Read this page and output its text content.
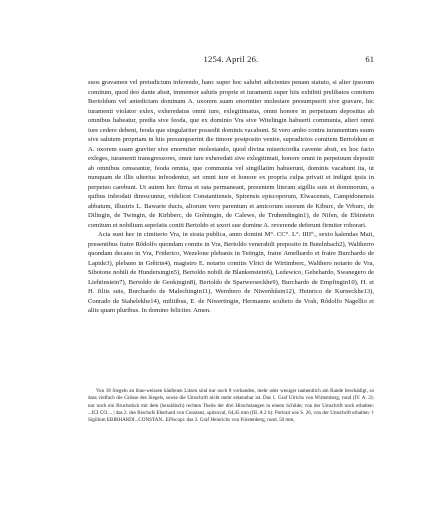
1254. April 26.	61

suos gravamen vel preiudicium inferendo, hanc super hoc salubri adicientes penam statuto, si alter ipsorum comitum, quod deo dante absit, immemor salutis proprie et iuramenti super hiis exhibiti prelibatos comitem Bertoldum vel antedictam dominam A. uxorem suam enormiter molestare presumpserit sive gravare, hic iuramenti violator exlex, exheredatus omni iure, exlegitimatus, omni honore in perpetuum depositus ab omnibus habeatur, predia sive feoda, que ex dominio Vra sive Witelingin habuerit communia, alteri omni iure cedere debent, feoda que singulariter possedit dominis vacabunt. Si vero ambo contra iuramentum suum sive salutem propriam in hiis presumpserint die timore postposito venire, supradictos comitem Bertoldum et A. uxorem suam graviter sive enormiter molestando, quod divina misericordia cavente absit, ex hoc facto exleges, iuramenti transgressores, omni iure exheredati sive exlegitimati, honore omni in perpetuum depositi ab omnibus censeantur, feoda omnia, que communia vel singillatim habuerunt, dominis vacabunt ita, ut nunquam de illis ulterius infeodentur, set omni iure et honore ex propria culpa privati et indigni ipsis in perpetuo carebunt. Ut autem hec firma et rata permaneant, presentem literam sigillis suis et dominorum, a quibus infeodati dinoscuntur, videlicet Constantiensis, Spirensis episcoporum, Elwacensis, Campidonensis abbatum, illustris L. Bawarie ducis, aliorum vero parentum et amicorum suorum de Kiburc, de Vrburc, de Dilingin, de Twingin, de Kirhberc, de Grêningin, de Calewe, de Truhendingin1), de Nifen, de Ebirstein comitum et nobilium sepefatis coniti Bertoldo et uxori sue domine A. reverende deferunt firmiter roborari.

Acta sunt hec in cimiterio Vra, in strata publica, anno domini M°. CC°. L°. IIII°., sexto kalendas Maii, presentibus fratre Rôdolfo quondam comite in Vra, Bertoldo venerabili preposito in Butelnbach2), Waltherro quondam decano in Vra, Friderico, Wezelone plebanis in Tetingin, fratre Amelhardo et fratre Burchardo de Lapide3), plebano in Grêtrin4), magistro E. notario comitis Vlrici de Wirtimberc, Walthero notario de Vra, Sibotone nobili de Hundersingin5), Bertoldo nobili de Blankenstein6), Ledewico, Gebehardo, Swanegero de Liehtinstein7), Bertoldo de Genkingin8), Bertoldo de Sparwerseckhe9), Burchardo de Empfingin10), H. et H. filiis suis, Burchardo de Malechingin11), Wernhero de Niwenhûsin12), Heinrico de Kurneckhe13), Conrado de Stahelekhe14), militibus, E. de Niwertingin, Hermanno sculteto de Vrah, Rôdolfo Nagellio et aliis quam pluribus. In domino feliciter. Amen.

Von 18 Siegeln an blau-weissen hänfenen Litzen sind nur noch 8 vorhanden, mehr oder weniger namentlich am Rande beschädigt, so dass vielfach die Grösse des Siegels, sowie die Umschrift nicht mehr erkennbar ist. Das 1. Graf Ulrichs von Wirtemberg, rund (IV. A. 2): nur noch ein Bruchstück mit dem (heraldisch) rechten Theile der drei Hirschstangen in einem Schilde; von der Umschrift noch erhalten: ...ICI CO.... | das 2. des Bischofs Eberhard von Constanz, spitzoval, 64,45 mm (III. A 2 b): Portrait wie S. 26, von der Umschrift erhalten: † Sigillum EBIRHARDI...CONSTAN...EPiscopi: das 3. Graf Heinrichs von Fürstenberg, rund, 50 mm,
